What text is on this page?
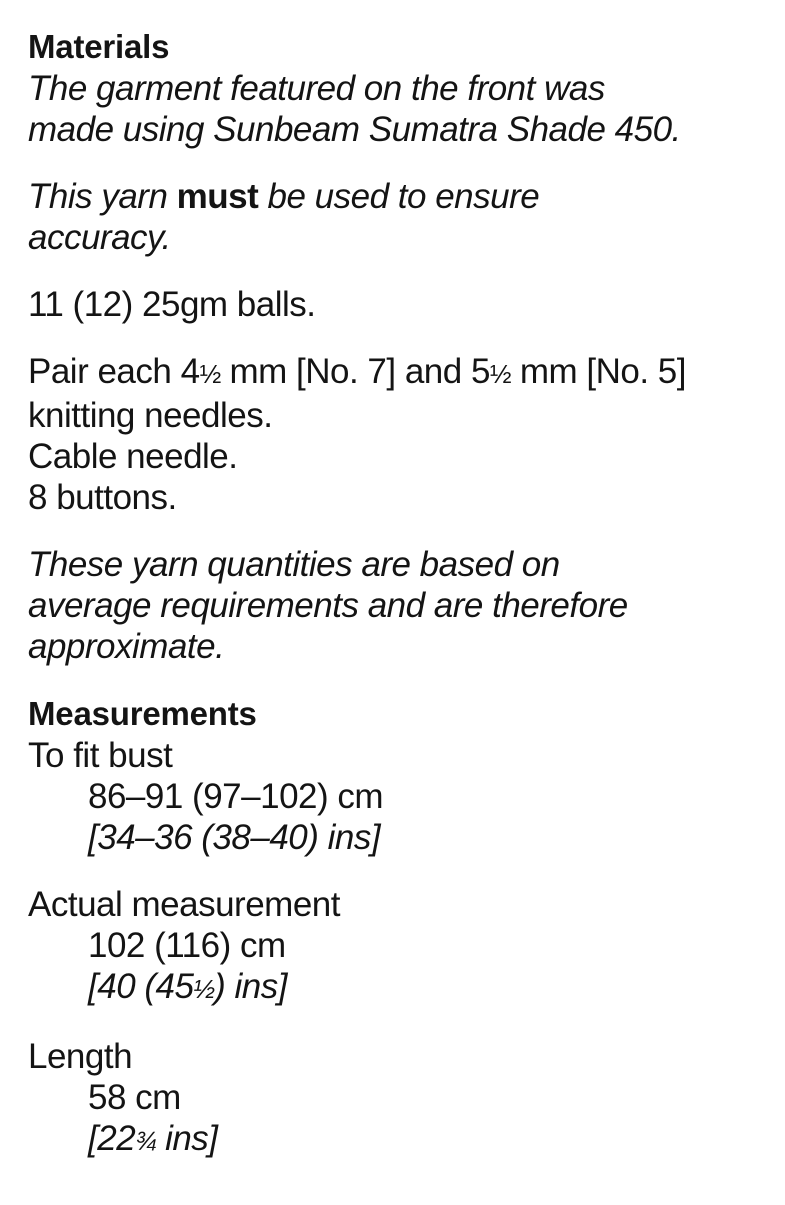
Materials
The garment featured on the front was
made using Sunbeam Sumatra Shade 450.
This yarn must be used to ensure
accuracy.
11 (12) 25gm balls.
Pair each 4½ mm [No. 7] and 5½ mm [No. 5]
knitting needles.
Cable needle.
8 buttons.
These yarn quantities are based on
average requirements and are therefore
approximate.
Measurements
To fit bust
86–91 (97–102) cm
[34–36 (38–40) ins]
Actual measurement
102 (116) cm
[40 (45½) ins]
Length
58 cm
[22¾ ins]
